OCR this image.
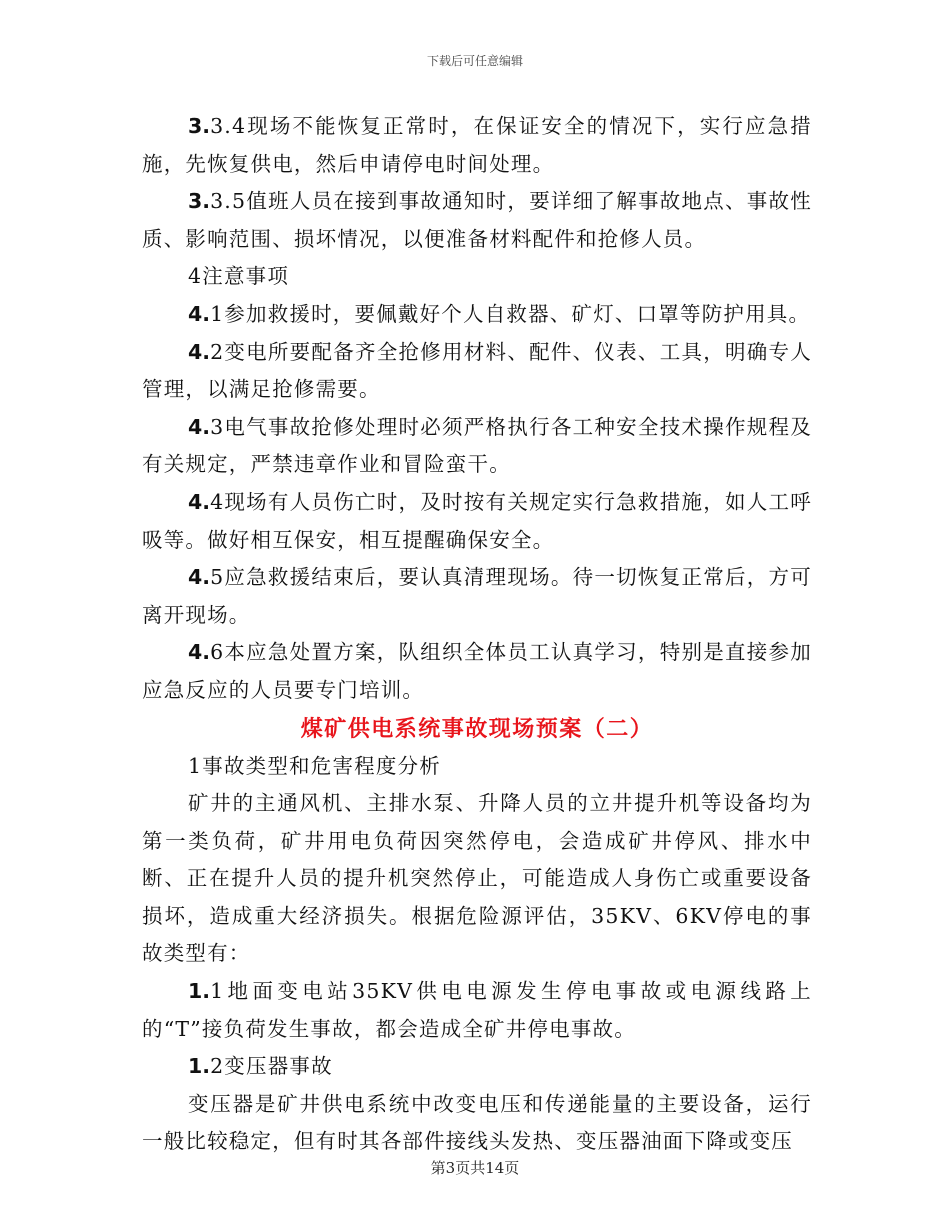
下载后可任意编辑

3.3.4现场不能恢复正常时，在保证安全的情况下，实行应急措施，先恢复供电，然后申请停电时间处理。

3.3.5值班人员在接到事故通知时，要详细了解事故地点、事故性质、影响范围、损坏情况，以便准备材料配件和抢修人员。

4注意事项

4.1参加救援时，要佩戴好个人自救器、矿灯、口罩等防护用具。

4.2变电所要配备齐全抢修用材料、配件、仪表、工具，明确专人管理，以满足抢修需要。

4.3电气事故抢修处理时必须严格执行各工种安全技术操作规程及有关规定，严禁违章作业和冒险蛮干。

4.4现场有人员伤亡时，及时按有关规定实行急救措施，如人工呼吸等。做好相互保安，相互提醒确保安全。

4.5应急救援结束后，要认真清理现场。待一切恢复正常后，方可离开现场。

4.6本应急处置方案，队组织全体员工认真学习，特别是直接参加应急反应的人员要专门培训。

煤矿供电系统事故现场预案（二）

1事故类型和危害程度分析

矿井的主通风机、主排水泵、升降人员的立井提升机等设备均为第一类负荷，矿井用电负荷因突然停电，会造成矿井停风、排水中断、正在提升人员的提升机突然停止，可能造成人身伤亡或重要设备损坏，造成重大经济损失。根据危险源评估，35KV、6KV停电的事故类型有：

1.1地面变电站35KV供电电源发生停电事故或电源线路上的“T”接负荷发生事故，都会造成全矿井停电事故。

1.2变压器事故

变压器是矿井供电系统中改变电压和传递能量的主要设备，运行一般比较稳定，但有时其各部件接线头发热、变压器油面下降或变压

第3页共14页
